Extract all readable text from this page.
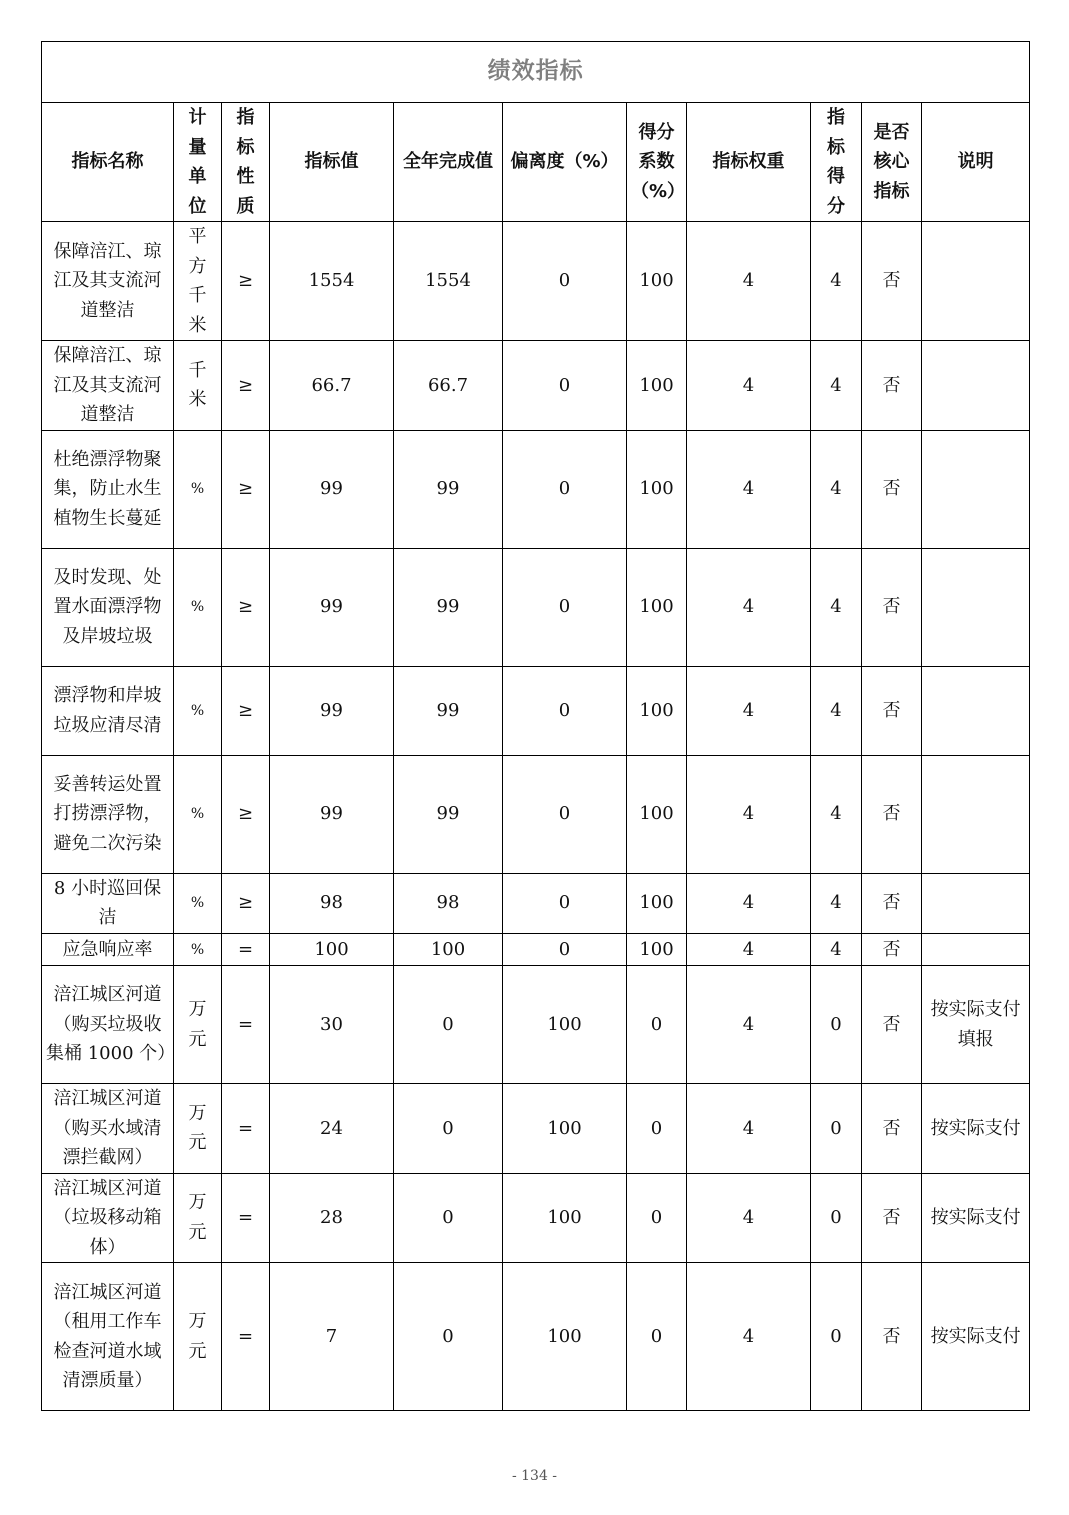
绩效指标										
指标名称	计量单位	指标性质	指标值	全年完成值	偏离度（%）	得分系数（%）	指标权重	指标得分	是否核心指标	说明
保障涪江、琼江及其支流河道整洁	平方千米	≥	1554	1554	0	100	4	4	否	
保障涪江、琼江及其支流河道整洁	千米	≥	66.7	66.7	0	100	4	4	否	
杜绝漂浮物聚集，防止水生植物生长蔓延	%	≥	99	99	0	100	4	4	否	
及时发现、处置水面漂浮物及岸坡垃圾	%	≥	99	99	0	100	4	4	否	
漂浮物和岸坡垃圾应清尽清	%	≥	99	99	0	100	4	4	否	
妥善转运处置打捞漂浮物，避免二次污染	%	≥	99	99	0	100	4	4	否	
8 小时巡回保洁	%	≥	98	98	0	100	4	4	否	
应急响应率	%	=	100	100	0	100	4	4	否	
涪江城区河道（购买垃圾收集桶 1000 个）	万元	=	30	0	100	0	4	0	否	按实际支付填报
涪江城区河道（购买水域清漂拦截网）	万元	=	24	0	100	0	4	0	否	按实际支付
涪江城区河道（垃圾移动箱体）	万元	=	28	0	100	0	4	0	否	按实际支付
涪江城区河道（租用工作车检查河道水域清漂质量）	万元	=	7	0	100	0	4	0	否	按实际支付
- 134 -
